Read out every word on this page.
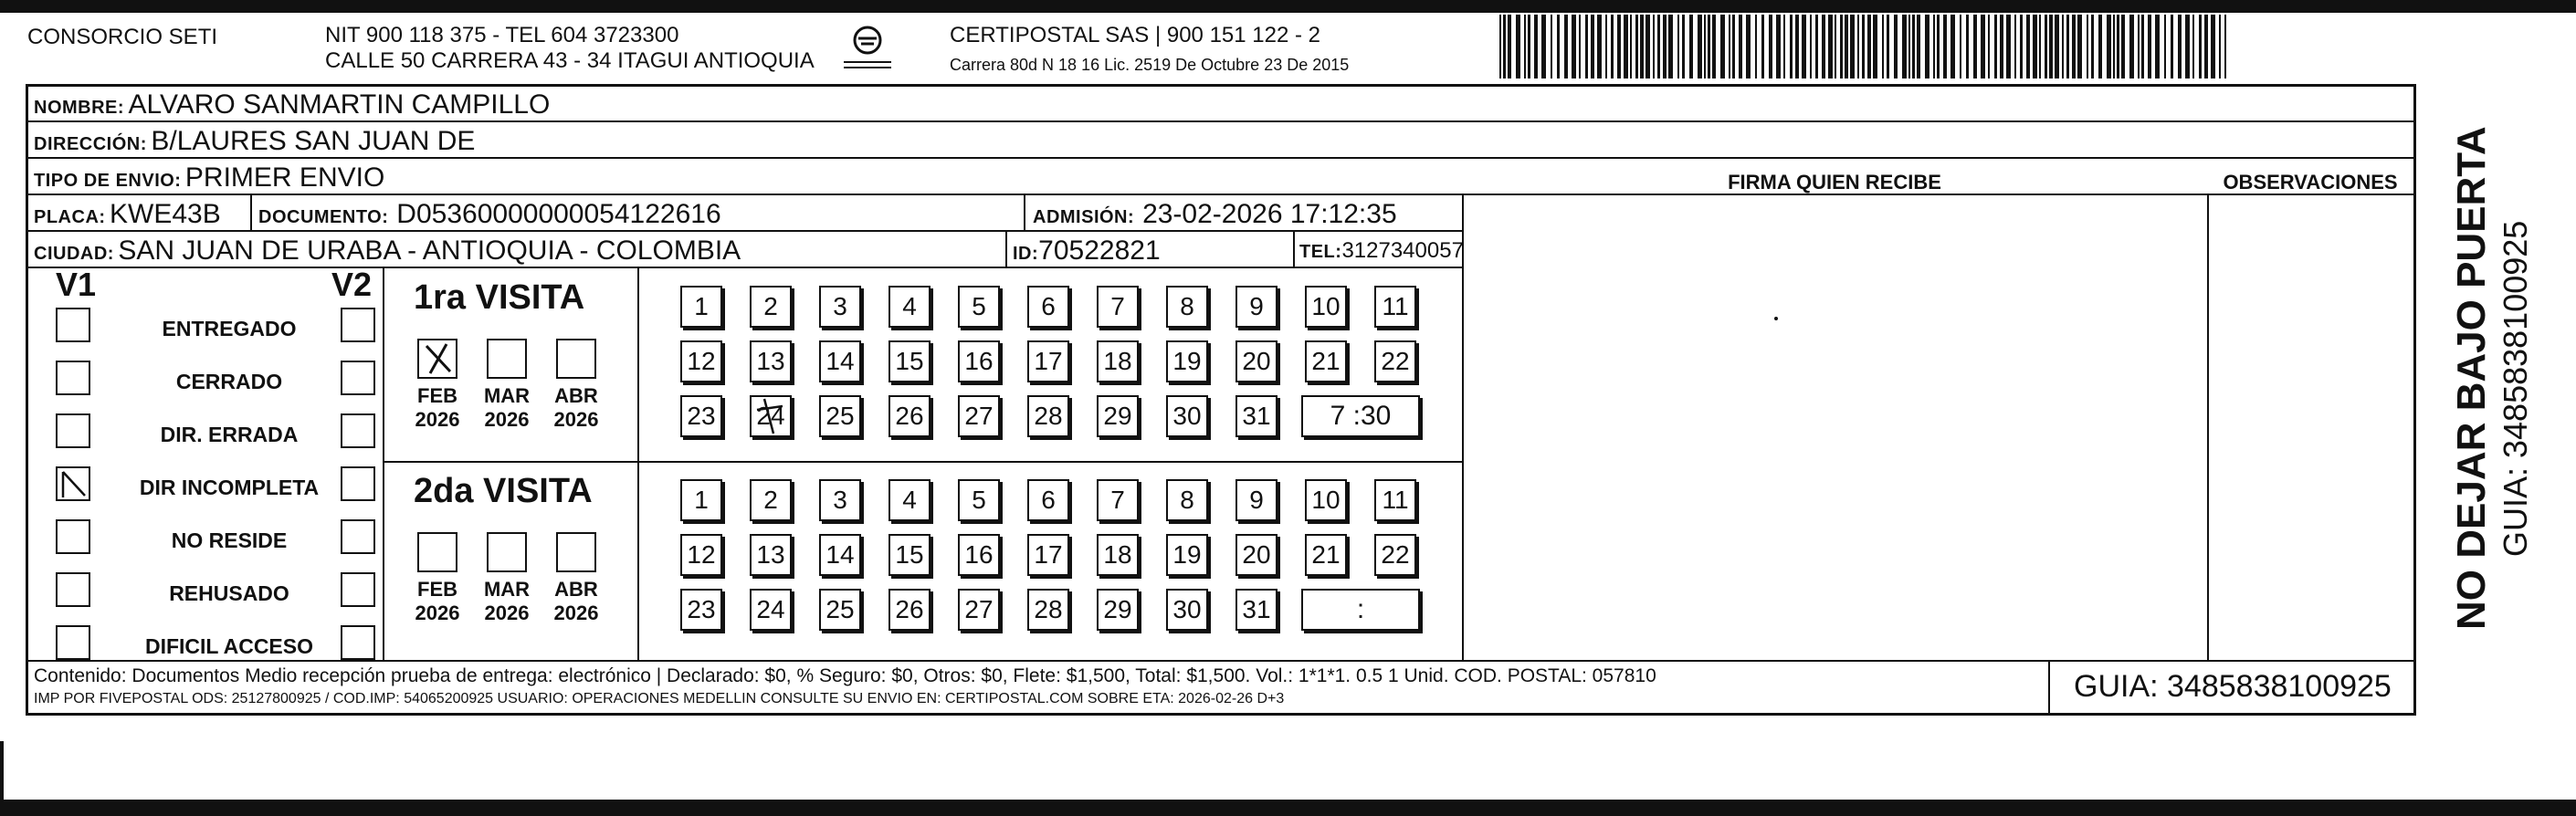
CONSORCIO SETI	NIT 900 118 375 - TEL 604 3723300
CALLE 50 CARRERA 43 - 34 ITAGUI ANTIOQUIA
CERTIPOSTAL SAS | 900 151 122 - 2
Carrera 80d N 18 16 Lic. 2519 De Octubre 23 De 2015
NOMBRE: ALVARO SANMARTIN CAMPILLO
DIRECCIÓN: B/LAURES SAN JUAN DE
TIPO DE ENVIO: PRIMER ENVIO	FIRMA QUIEN RECIBE	OBSERVACIONES
PLACA: KWE43B DOCUMENTO: D05360000000054122616	ADMISIÓN: 23-02-2026 17:12:35
CIUDAD: SAN JUAN DE URABA - ANTIOQUIA - COLOMBIA	ID:70522821	TEL:3127340057
V1	V2 1ra VISITA
2da VISITA
Contenido: Documentos Medio recepción prueba de entrega: electrónico | Declarado: $0, % Seguro: $0, Otros: $0, Flete: $1,500, Total: $1,500. Vol.: 1*1*1. 0.5 1 Unid. COD. POSTAL: 057810
IMP POR FIVEPOSTAL ODS: 25127800925 / COD.IMP: 54065200925 USUARIO: OPERACIONES MEDELLIN CONSULTE SU ENVIO EN: CERTIPOSTAL.COM SOBRE ETA: 2026-02-26 D+3	GUIA: 3485838100925
ENTREGADO
CERRADO
DIR. ERRADA
DIR INCOMPLETA
NO RESIDE
REHUSADO
DIFICIL ACCESO
FEB
2026
MAR
2026
ABR
2026
FEB
2026
MAR
2026
ABR
2026
1	2	3	4	5	6	7	8	9	10	11
12 13 14 15 16 17 18 19 20 21 22
23 24 25 26 27 28 29 30 31	7 :30
1	2	3	4	5	6	7	8	9	10	11
12 13 14 15 16 17 18 19 20 21 22
23 24 25 26 27 28 29 30 31	:	NO DEJAR BAJO PUERTA GUIA: 3485838100925
